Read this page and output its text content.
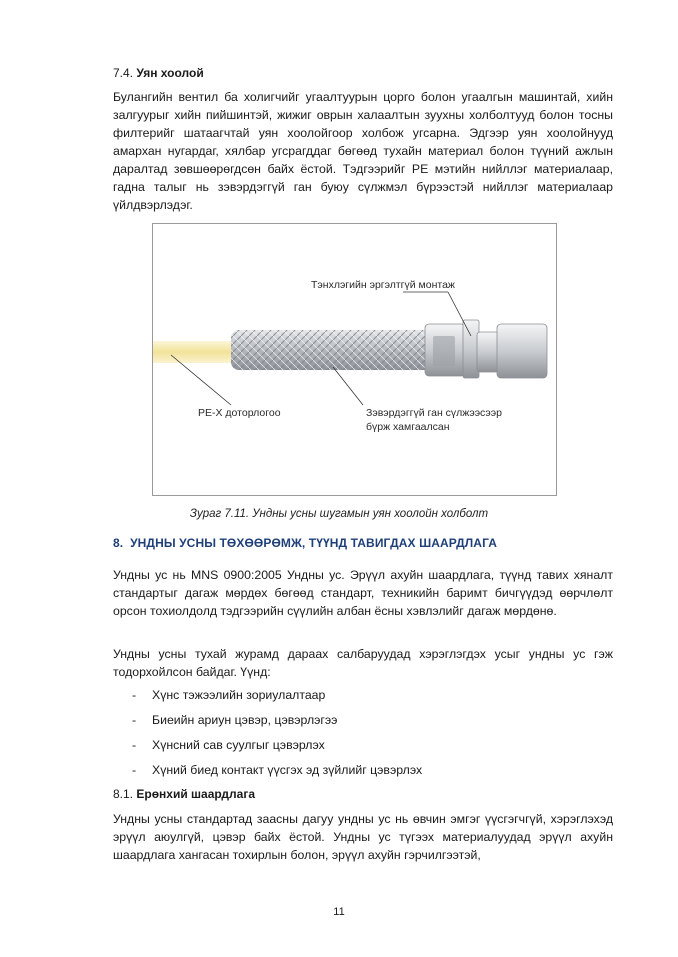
7.4. Уян хоолой

Булангийн вентил ба холигчийг угаалтуурын цорго болон угаалгын машинтай, хийн залгуурыг хийн пийшинтэй, жижиг оврын халаалтын зуухны холболтууд болон тосны филтерийг шатаагчтай уян хоолойгоор холбож угсарна. Эдгээр уян хоолойнууд амархан нугардаг, хялбар угсрагддаг бөгөөд тухайн материал болон түүний ажлын даралтад зөвшөөрөгдсөн байх ёстой. Тэдгээрийг PE мэтийн нийллэг материалаар, гадна талыг нь зэвэрдэггүй ган буюу сүлжмэл бүрээстэй нийллэг материалаар үйлдвэрлэдэг.

Тэнхлэгийн эргэлтгүй монтаж
PE-X доторлогоо	Зэвэрдэггүй ган сүлжээсээр
бүрж хамгаалсан
Зураг 7.11. Ундны усны шугамын уян хоолойн холболт
8. УНДНЫ УСНЫ ТӨХӨӨРӨМЖ, ТҮҮНД ТАВИГДАХ ШААРДЛАГА

Ундны ус нь MNS 0900:2005 Ундны ус. Эрүүл ахуйн шаардлага, түүнд тавих хяналт стандартыг дагаж мөрдөх бөгөөд стандарт, техникийн баримт бичгүүдэд өөрчлөлт орсон тохиолдолд тэдгээрийн сүүлийн албан ёсны хэвлэлийг дагаж мөрдөнө.

Ундны усны тухай журамд дараах салбаруудад хэрэглэгдэх усыг ундны ус гэж тодорхойлсон байдаг. Үүнд:

- Хүнс тэжээлийн зориулалтаар
- Биеийн ариун цэвэр, цэвэрлэгээ
- Хүнсний сав суулгыг цэвэрлэх
- Хүний биед контакт үүсгэх эд зүйлийг цэвэрлэх
8.1. Ерөнхий шаардлага

Ундны усны стандартад заасны дагуу ундны ус нь өвчин эмгэг үүсгэгчгүй, хэрэглэхэд эрүүл аюулгүй, цэвэр байх ёстой. Ундны ус түгээх материалуудад эрүүл ахуйн шаардлага хангасан тохирлын болон, эрүүл ахуйн гэрчилгээтэй,

11
